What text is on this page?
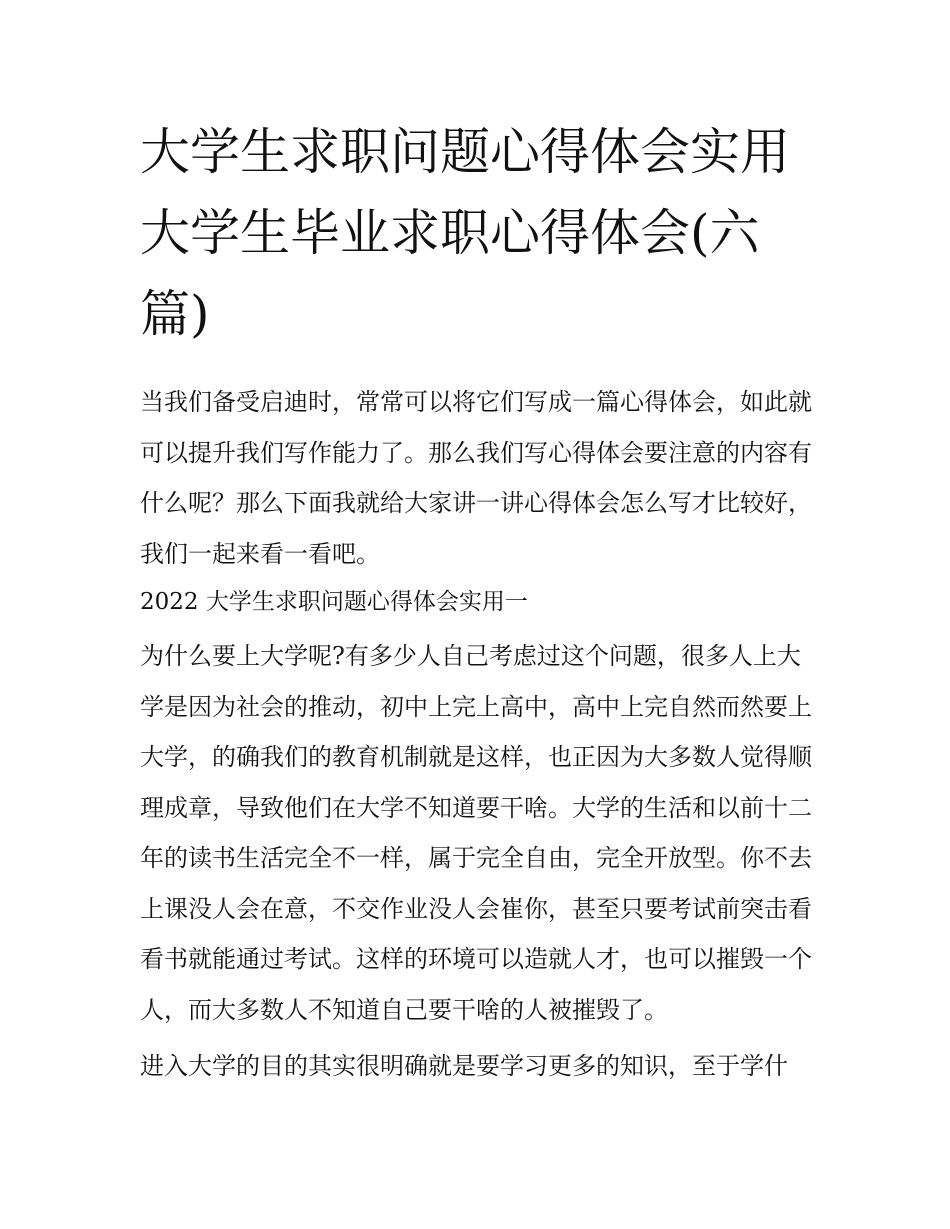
大学生求职问题心得体会实用大学生毕业求职心得体会(六篇)

当我们备受启迪时，常常可以将它们写成一篇心得体会，如此就可以提升我们写作能力了。那么我们写心得体会要注意的内容有什么呢？那么下面我就给大家讲一讲心得体会怎么写才比较好，我们一起来看一看吧。

2022 大学生求职问题心得体会实用一

为什么要上大学呢?有多少人自己考虑过这个问题，很多人上大学是因为社会的推动，初中上完上高中，高中上完自然而然要上大学，的确我们的教育机制就是这样，也正因为大多数人觉得顺理成章，导致他们在大学不知道要干啥。大学的生活和以前十二年的读书生活完全不一样，属于完全自由，完全开放型。你不去上课没人会在意，不交作业没人会崔你，甚至只要考试前突击看看书就能通过考试。这样的环境可以造就人才，也可以摧毁一个人，而大多数人不知道自己要干啥的人被摧毁了。

进入大学的目的其实很明确就是要学习更多的知识，至于学什
